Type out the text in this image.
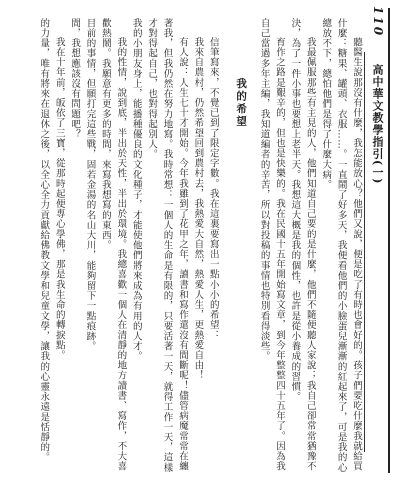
110
高中華文教學指引(一)

聽醫生說那沒有什麼，我怎能放心？他們又說，便是吃了有時也會好的。孩子們要吃什麼我就給買什麼：糖果、罐頭、衣服……。一直鬧了好多天，我便看他們的小臉蛋兒漸漸的紅起來了，可是我的心總放不下，總怕他們是得了什麼大病。

我最佩服那些有主見的人，他們知道自己要的是什麼，他們不隨便聽人家說；我自己卻常常猶豫不決，為了一件小事也要想上老半天。我想這大概是我的個性，也許是從小養成的習慣。

育作之路是艱辛的，但也是快樂的。我在民國十五年開始寫文章，到今年整整四十五年了。因為我自己當過多年主編，我知道編者的辛苦，所以對投稿的事情也特別看得淡些。

我的希望

信筆寫來，不覺已到了限定字數。我在這裏要寫出一點小小的希望：

我來自農村，仍然希望回到農村去，我熱愛大自然，熱愛人生，更熱愛自由！

有人說：人生七十才開始。今年我雖到了花甲之年，讀書和寫作還沒有間斷呢！儘管病魔常常在纏著我，但我仍然在努力地寫。我時常想：一個人的生命是有限的，只要活著一天，就得工作一天，這樣才對得起自己，也對得起別人。

我的小朋友身上，能播種優良的文化種子，才能使他們將來成為有用的人才。

我的性情，說到底，半出於天性，半出於環境。我總喜歡一個人在清靜的地方讀書、寫作，不大喜歡熱鬧。我願意有更多的時間，來寫我想寫的東西。

目前的事情，但願打完這些戰，固若金湯的名山大川，能夠留下一點痕跡。

間，我想應該沒有問題吧？

我在十年前，皈依了三寶，從那時起便專心學佛，那是我生命的轉捩點。

的力量，唯有將來在退休之後，以全心全力貢獻給佛教文學和兒童文學，讓我的心靈永遠是恬靜的。
